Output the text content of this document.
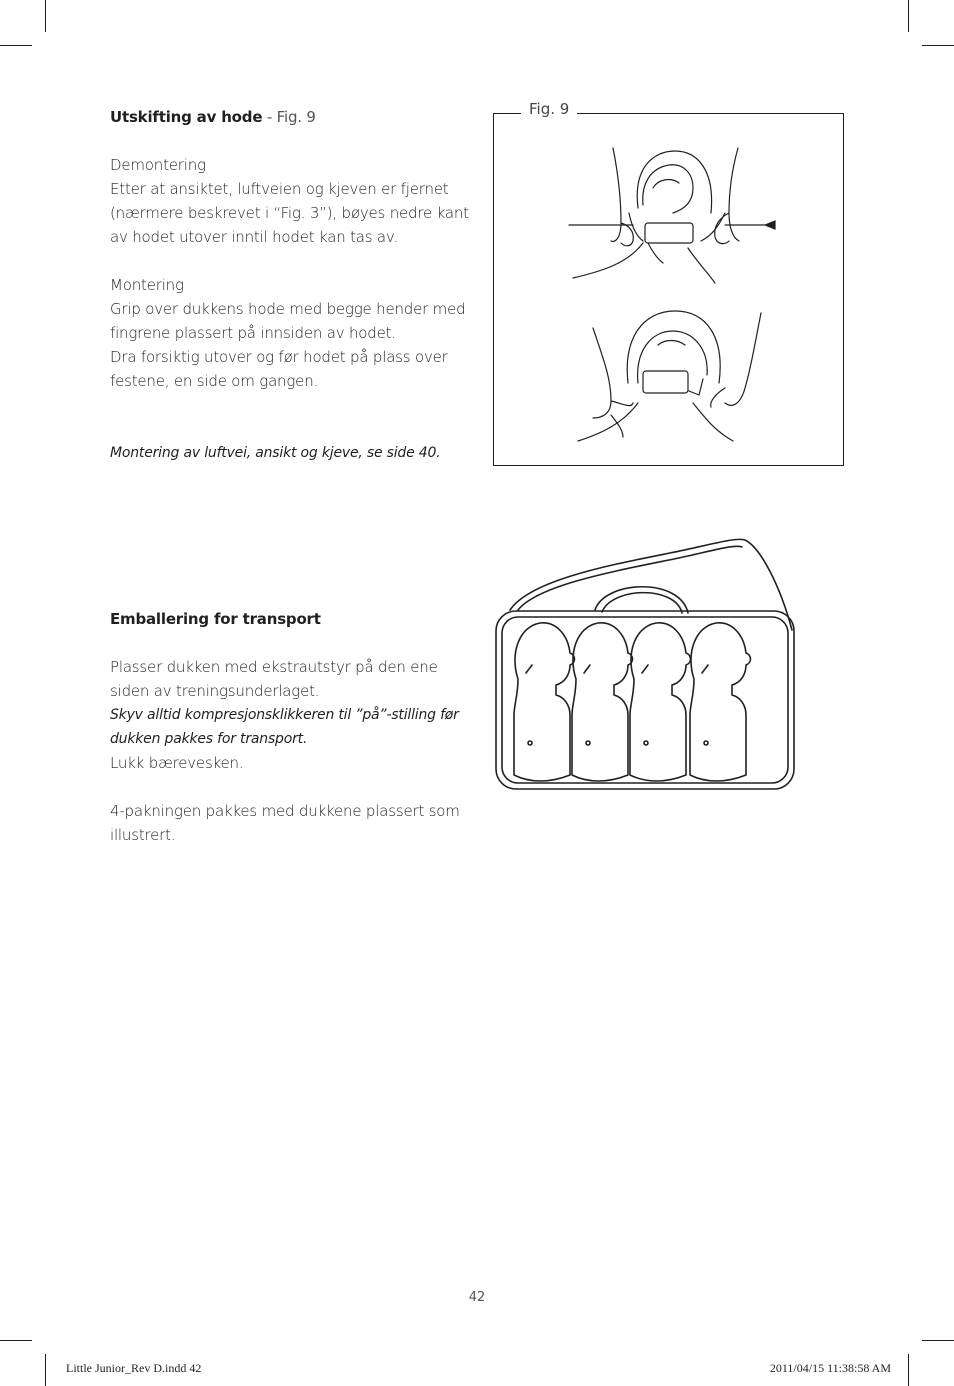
Utskifting av hode - Fig. 9

Demontering

Etter at ansiktet, luftveien og kjeven er fjernet

(nærmere beskrevet i “Fig. 3”), bøyes nedre kant

av hodet utover inntil hodet kan tas av.

Montering

Grip over dukkens hode med begge hender med

fingrene plassert på innsiden av hodet.

Dra forsiktig utover og før hodet på plass over

festene, en side om gangen.

Montering av luftvei, ansikt og kjeve, se side 40.

Fig. 9

Emballering for transport

Plasser dukken med ekstrautstyr på den ene

siden av treningsunderlaget.

Skyv alltid kompresjonsklikkeren til ”på”-stilling før

dukken pakkes for transport.

Lukk bærevesken.

4-pakningen pakkes med dukkene plassert som

illustrert.

42
Little Junior_Rev D.indd 42	2011/04/15 11:38:58 AM
